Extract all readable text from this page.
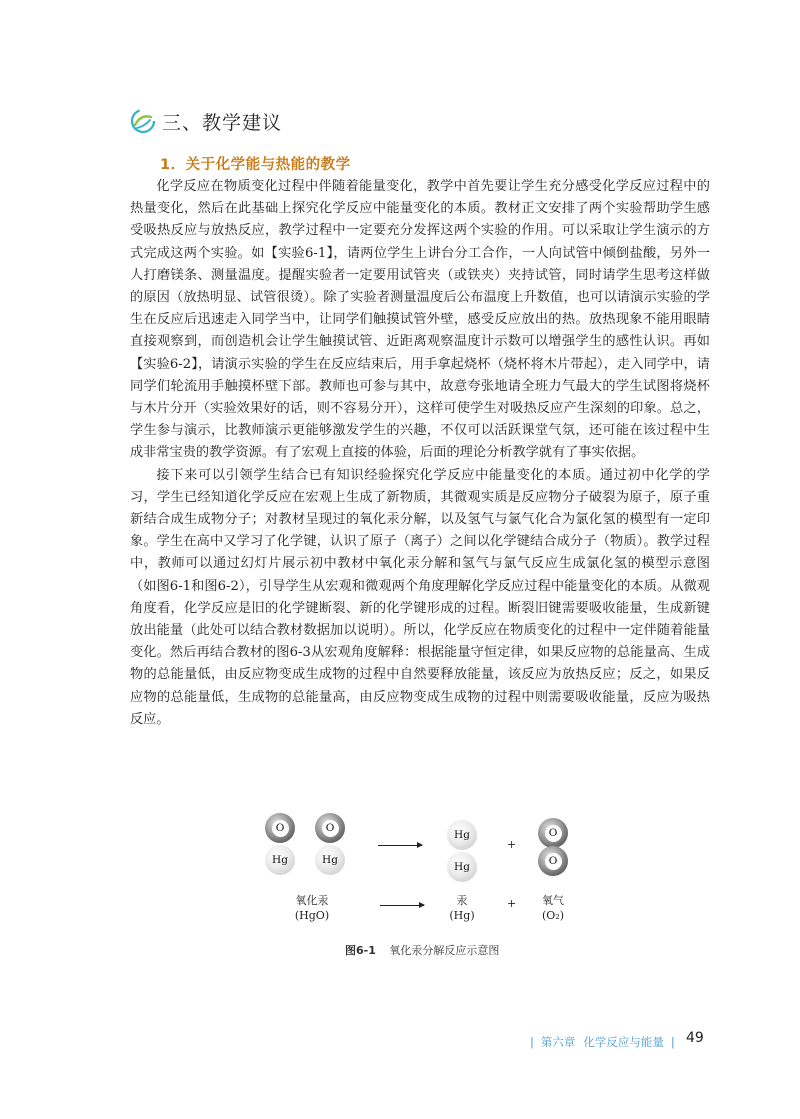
三、教学建议
1．关于化学能与热能的教学

化学反应在物质变化过程中伴随着能量变化，教学中首先要让学生充分感受化学反应过程中的热量变化，然后在此基础上探究化学反应中能量变化的本质。教材正文安排了两个实验帮助学生感受吸热反应与放热反应，教学过程中一定要充分发挥这两个实验的作用。可以采取让学生演示的方式完成这两个实验。如【实验6-1】，请两位学生上讲台分工合作，一人向试管中倾倒盐酸，另外一人打磨镁条、测量温度。提醒实验者一定要用试管夹（或铁夹）夹持试管，同时请学生思考这样做的原因（放热明显、试管很烫）。除了实验者测量温度后公布温度上升数值，也可以请演示实验的学生在反应后迅速走入同学当中，让同学们触摸试管外壁，感受反应放出的热。放热现象不能用眼睛直接观察到，而创造机会让学生触摸试管、近距离观察温度计示数可以增强学生的感性认识。再如【实验6-2】，请演示实验的学生在反应结束后，用手拿起烧杯（烧杯将木片带起），走入同学中，请同学们轮流用手触摸杯壁下部。教师也可参与其中，故意夸张地请全班力气最大的学生试图将烧杯与木片分开（实验效果好的话，则不容易分开），这样可使学生对吸热反应产生深刻的印象。总之，学生参与演示，比教师演示更能够激发学生的兴趣，不仅可以活跃课堂气氛，还可能在该过程中生成非常宝贵的教学资源。有了宏观上直接的体验，后面的理论分析教学就有了事实依据。

接下来可以引领学生结合已有知识经验探究化学反应中能量变化的本质。通过初中化学的学习，学生已经知道化学反应在宏观上生成了新物质，其微观实质是反应物分子破裂为原子，原子重新结合成生成物分子；对教材呈现过的氧化汞分解，以及氢气与氯气化合为氯化氢的模型有一定印象。学生在高中又学习了化学键，认识了原子（离子）之间以化学键结合成分子（物质）。教学过程中，教师可以通过幻灯片展示初中教材中氧化汞分解和氢气与氯气反应生成氯化氢的模型示意图（如图6-1和图6-2），引导学生从宏观和微观两个角度理解化学反应过程中能量变化的本质。从微观角度看，化学反应是旧的化学键断裂、新的化学键形成的过程。断裂旧键需要吸收能量，生成新键放出能量（此处可以结合教材数据加以说明）。所以，化学反应在物质变化的过程中一定伴随着能量变化。然后再结合教材的图6-3从宏观角度解释：根据能量守恒定律，如果反应物的总能量高、生成物的总能量低，由反应物变成生成物的过程中自然要释放能量，该反应为放热反应；反之，如果反应物的总能量低，生成物的总能量高，由反应物变成生成物的过程中则需要吸收能量，反应为吸热反应。

O
Hg
O
Hg
Hg
Hg
+
O
O
氧化汞
(HgO)
汞
(Hg)
+	氧气
(O₂)
图6-1 氧化汞分解反应示意图
| 第六章 化学反应与能量 | 49
